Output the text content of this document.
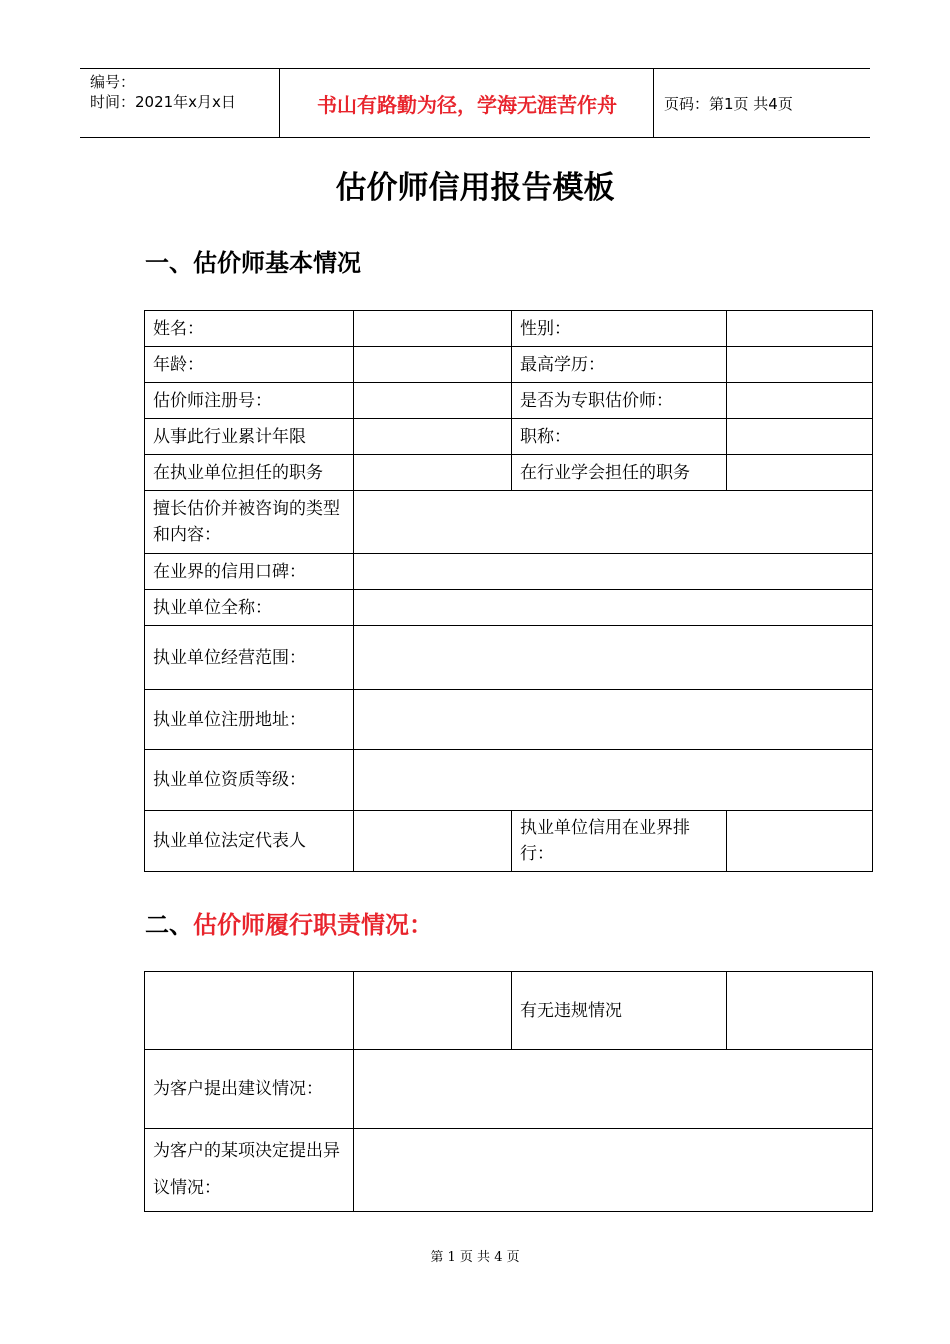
编号：
时间：2021年x月x日	书山有路勤为径，学海无涯苦作舟	页码：第1页 共4页
估价师信用报告模板
一、估价师基本情况
姓名：		性别：	
年龄：		最高学历：	
估价师注册号：		是否为专职估价师：	
从事此行业累计年限		职称：	
在执业单位担任的职务		在行业学会担任的职务	
擅长估价并被咨询的类型和内容：			
在业界的信用口碑：			
执业单位全称：			
执业单位经营范围：			
执业单位注册地址：			
执业单位资质等级：			
执业单位法定代表人		执业单位信用在业界排行：	
二、估价师履行职责情况：
		有无违规情况	
为客户提出建议情况：			
为客户的某项决定提出异议情况：			
第 1 页 共 4 页
